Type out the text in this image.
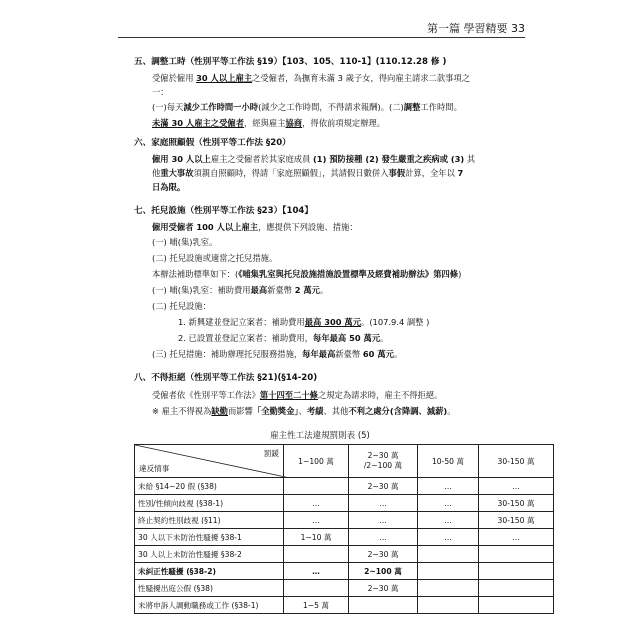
第一篇 學習精要 33
五、調整工時（性別平等工作法 §19）【103、105、110-1】(110.12.28 修 )
受僱於僱用 30 人以上雇主之受僱者，為撫育未滿 3 歲子女，得向雇主請求二款事項之
一：
(一)每天減少工作時間一小時(減少之工作時間，不得請求報酬)。(二)調整工作時間。
未滿 30 人雇主之受僱者，經與雇主協商，得依前項規定辦理。
六、家庭照顧假（性別平等工作法 §20）
僱用 30 人以上雇主之受僱者於其家庭成員 (1) 預防接種 (2) 發生嚴重之疾病或 (3) 其
他重大事故須親自照顧時，得請「家庭照顧假」，其請假日數併入事假計算，全年以 7
日為限。
七、托兒設施（性別平等工作法 §23）【104】
僱用受僱者 100 人以上雇主，應提供下列設施、措施：
(一) 哺(集)乳室。
(二) 托兒設施或適當之托兒措施。
本辦法補助標準如下：(《哺集乳室與托兒設施措施設置標準及經費補助辦法》第四條)
(一) 哺(集)乳室：補助費用最高新臺幣 2 萬元。
(二) 托兒設施：
1. 新興建並登記立案者：補助費用最高 300 萬元。(107.9.4 調整 )
2. 已設置並登記立案者：補助費用，每年最高 50 萬元。
(三) 托兒措施：補助辦理托兒服務措施，每年最高新臺幣 60 萬元。
八、不得拒絕（性別平等工作法 §21)(§14-20)
受僱者依《性別平等工作法》第十四至二十條之規定為請求時，雇主不得拒絕。
※ 雇主不得視為缺勤而影響「全勤獎金」、考績、其他不利之處分(含降調、減薪)。
雇主性工法違規罰則表 (5)
罰鍰
違反情事	1~100 萬	2~30 萬
/2~100 萬	10-50 萬	30-150 萬
未給 §14~20 假 (§38)		2~30 萬	…	…
性別/性傾向歧視 (§38-1)	…	…	…	30-150 萬
終止契約性別歧視 (§11)	…	…	…	30-150 萬
30 人以下未防治性騷擾 §38-1	1~10 萬	…	…	…
30 人以上未防治性騷擾 §38-2		2~30 萬		
未糾正性騷擾 (§38-2)	…	2~100 萬		
性騷擾出庭公假 (§38)		2~30 萬		
未將申訴人調動職務或工作 (§38-1)	1~5 萬			
